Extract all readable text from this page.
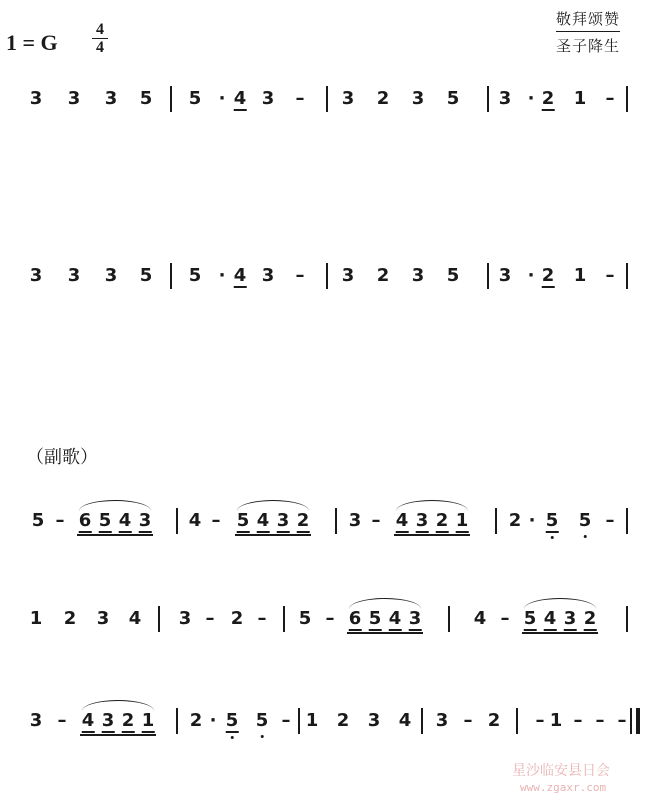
1 = G
4
4
敬拜颂赞
圣子降生
3 3 3 5 5 · 4 3 – 3 2 3 5 3 · 2 1 –
3 3 3 5 5 · 4 3 – 3 2 3 5 3 · 2 1 –
5 – 6 5 4 3 4 – 5 4 3 2 3 – 4 3 2 1 2 · 5 5 –
1 2 3 4 3 – 2 – 5 – 6 5 4 3	4 – 5 4 3 2
3 – 4 3 2 1 2 · 5 5 – 1 2 3 4 3 – 2 – 1 – – –
（副歌）
星沙临安县日会
www.zgaxr.com
